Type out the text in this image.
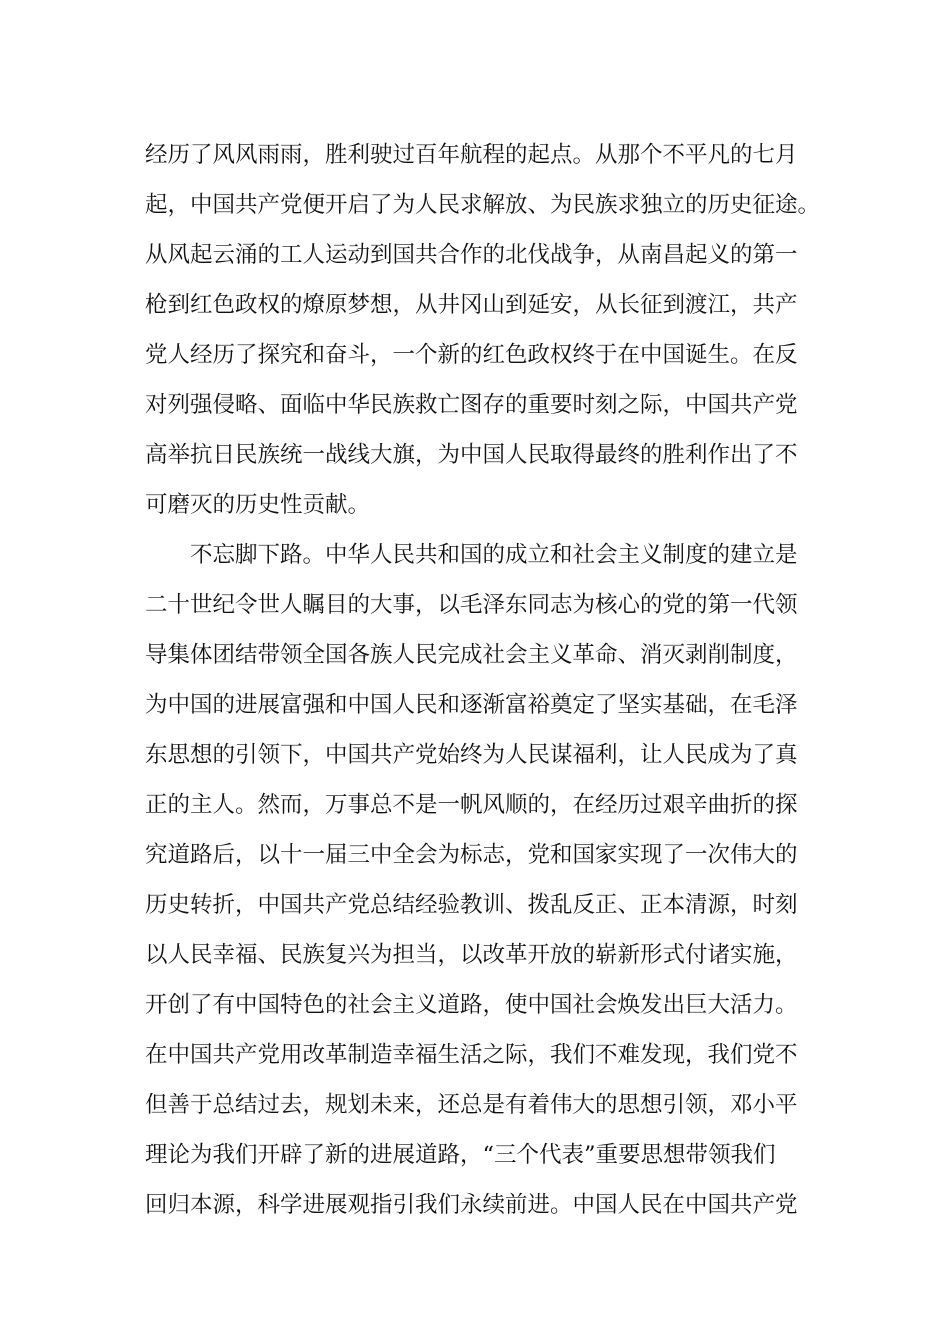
经历了风风雨雨，胜利驶过百年航程的起点。从那个不平凡的七月
起，中国共产党便开启了为人民求解放、为民族求独立的历史征途。
从风起云涌的工人运动到国共合作的北伐战争，从南昌起义的第一
枪到红色政权的燎原梦想，从井冈山到延安，从长征到渡江，共产
党人经历了探究和奋斗，一个新的红色政权终于在中国诞生。在反
对列强侵略、面临中华民族救亡图存的重要时刻之际，中国共产党
高举抗日民族统一战线大旗，为中国人民取得最终的胜利作出了不
可磨灭的历史性贡献。
不忘脚下路。中华人民共和国的成立和社会主义制度的建立是
二十世纪令世人瞩目的大事，以毛泽东同志为核心的党的第一代领
导集体团结带领全国各族人民完成社会主义革命、消灭剥削制度，
为中国的进展富强和中国人民和逐渐富裕奠定了坚实基础，在毛泽
东思想的引领下，中国共产党始终为人民谋福利，让人民成为了真
正的主人。然而，万事总不是一帆风顺的，在经历过艰辛曲折的探
究道路后，以十一届三中全会为标志，党和国家实现了一次伟大的
历史转折，中国共产党总结经验教训、拨乱反正、正本清源，时刻
以人民幸福、民族复兴为担当，以改革开放的崭新形式付诸实施，
开创了有中国特色的社会主义道路，使中国社会焕发出巨大活力。
在中国共产党用改革制造幸福生活之际，我们不难发现，我们党不
但善于总结过去，规划未来，还总是有着伟大的思想引领，邓小平
理论为我们开辟了新的进展道路，“三个代表”重要思想带领我们
回归本源，科学进展观指引我们永续前进。中国人民在中国共产党
